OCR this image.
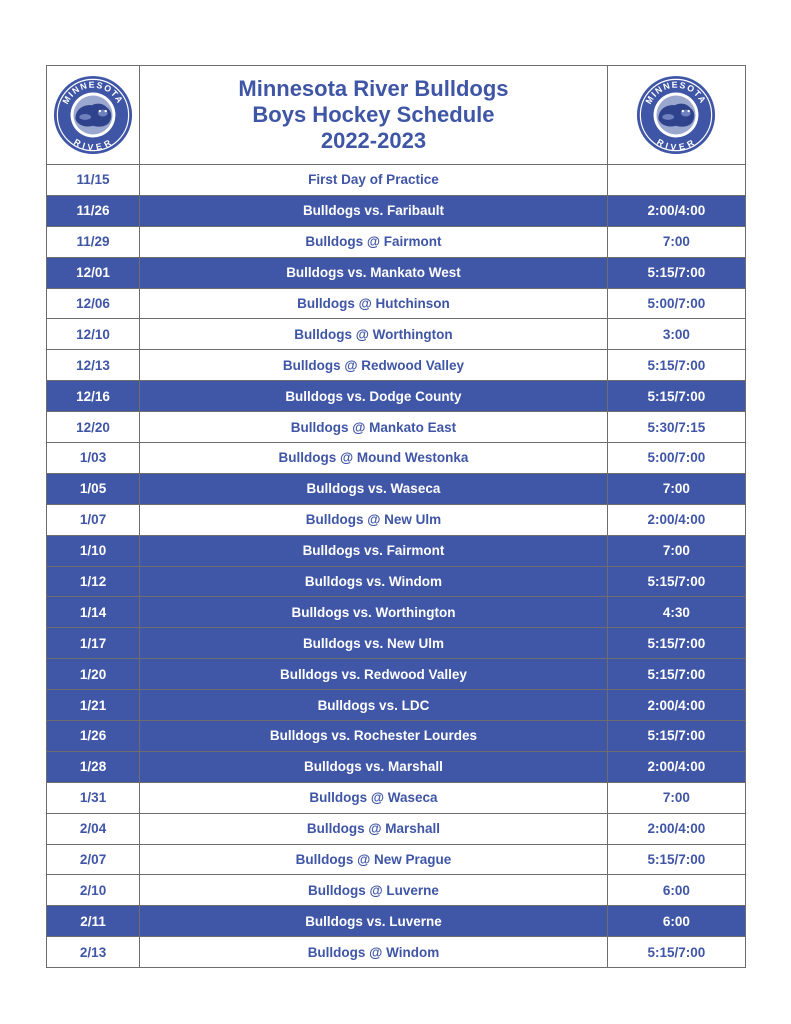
MINNESOTA
RIVER	Minnesota River Bulldogs
Boys Hockey Schedule
2022-2023	MINNESOTA
RIVER

11/15	First Day of Practice	
11/26	Bulldogs vs. Faribault	2:00/4:00
11/29	Bulldogs @ Fairmont	7:00
12/01	Bulldogs vs. Mankato West	5:15/7:00
12/06	Bulldogs @ Hutchinson	5:00/7:00
12/10	Bulldogs @ Worthington	3:00
12/13	Bulldogs @ Redwood Valley	5:15/7:00
12/16	Bulldogs vs. Dodge County	5:15/7:00
12/20	Bulldogs @ Mankato East	5:30/7:15
1/03	Bulldogs @ Mound Westonka	5:00/7:00
1/05	Bulldogs vs. Waseca	7:00
1/07	Bulldogs @ New Ulm	2:00/4:00
1/10	Bulldogs vs. Fairmont	7:00
1/12	Bulldogs vs. Windom	5:15/7:00
1/14	Bulldogs vs. Worthington	4:30
1/17	Bulldogs vs. New Ulm	5:15/7:00
1/20	Bulldogs vs. Redwood Valley	5:15/7:00
1/21	Bulldogs vs. LDC	2:00/4:00
1/26	Bulldogs vs. Rochester Lourdes	5:15/7:00
1/28	Bulldogs vs. Marshall	2:00/4:00
1/31	Bulldogs @ Waseca	7:00
2/04	Bulldogs @ Marshall	2:00/4:00
2/07	Bulldogs @ New Prague	5:15/7:00
2/10	Bulldogs @ Luverne	6:00
2/11	Bulldogs vs. Luverne	6:00
2/13	Bulldogs @ Windom	5:15/7:00
